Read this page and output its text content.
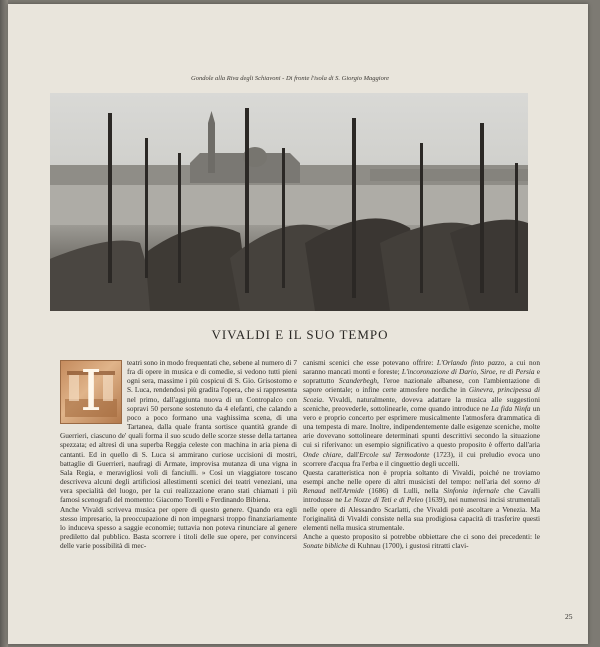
Gondole alla Riva degli Schiavoni - Di fronte l'isola di S. Giorgio Maggiore
VIVALDI E IL SUO TEMPO
I	teatri sono in modo frequentati che, sebene al numero di 7 fra di opere in musica e di comedie, si vedono tutti pieni ogni sera, massime i più cospicui di S. Gio. Grisostomo e S. Luca, rendendosi più gradita l'opera, che si rappresenta nel primo, dall'aggiunta nuova di un Contropalco con sopravi 50 persone sostenuto da 4 elefanti, che calando a poco a poco formano una vaghissima scena, di una Tartanea, dalla quale franta sortisce quantità grande di Guerrieri, ciascuno de' quali forma il suo scudo delle scorze stesse della tartanea spezzata; ed altresì di una superba Reggia celeste con machina in aria piena di cantanti. Ed in quello di S. Luca si ammirano curiose uccisioni di mostri, battaglie di Guerrieri, naufragi di Armate, improvisa mutanza di una vigna in Sala Regia, e meravigliosi voli di fanciulli. » Così un viaggiatore toscano descriveva alcuni degli artificiosi allestimenti scenici dei teatri veneziani, una vera specialità del luogo, per la cui realizzazione erano stati chiamati i più famosi scenografi del momento: Giacomo Torelli e Ferdinando Bibiena.

Anche Vivaldi scriveva musica per opere di questo genere. Quando era egli stesso impresario, la preoccupazione di non impegnarsi troppo finanziariamente lo induceva spesso a saggie economie; tuttavia non poteva rinunciare al genere prediletto dal pubblico. Basta scorrere i titoli delle sue opere, per convincersi delle varie possibilità di mec-

canismi scenici che esse potevano offrire: L'Orlando finto pazzo, a cui non saranno mancati monti e foreste; L'incoronazione di Dario, Siroe, re di Persia e soprattutto Scanderbegh, l'eroe nazionale albanese, con l'ambientazione di sapore orientale; o infine certe atmosfere nordiche in Ginevra, principessa di Scozia. Vivaldi, naturalmente, doveva adattare la musica alle suggestioni sceniche, preovederle, sottolinearle, come quando introduce ne La fida Ninfa un vero e proprio concerto per esprimere musicalmente l'atmosfera drammatica di una tempesta di mare. Inoltre, indipendentemente dalle esigenze sceniche, molte arie dovevano sottolineare determinati spunti descrittivi secondo la situazione cui si riferivano: un esempio significativo a questo proposito è offerto dall'aria Onde chiare, dall'Ercole sul Termodonte (1723), il cui preludio evoca uno scorrere d'acqua fra l'erba e il cinguettio degli uccelli.

Questa caratteristica non è propria soltanto di Vivaldi, poiché ne troviamo esempi anche nelle opere di altri musicisti del tempo: nell'aria del sonno di Renaud nell'Armide (1686) di Lulli, nella Sinfonia infernale che Cavalli introdusse ne Le Nozze di Teti e di Peleo (1639), nei numerosi incisi strumentali nelle opere di Alessandro Scarlatti, che Vivaldi potè ascoltare a Venezia. Ma l'originalità di Vivaldi consiste nella sua prodigiosa capacità di trasferire questi elementi nella musica strumentale.

Anche a questo proposito si potrebbe obbiettare che ci sono dei precedenti: le Sonate bibliche di Kuhnau (1700), i gustosi ritratti clavi-

25
